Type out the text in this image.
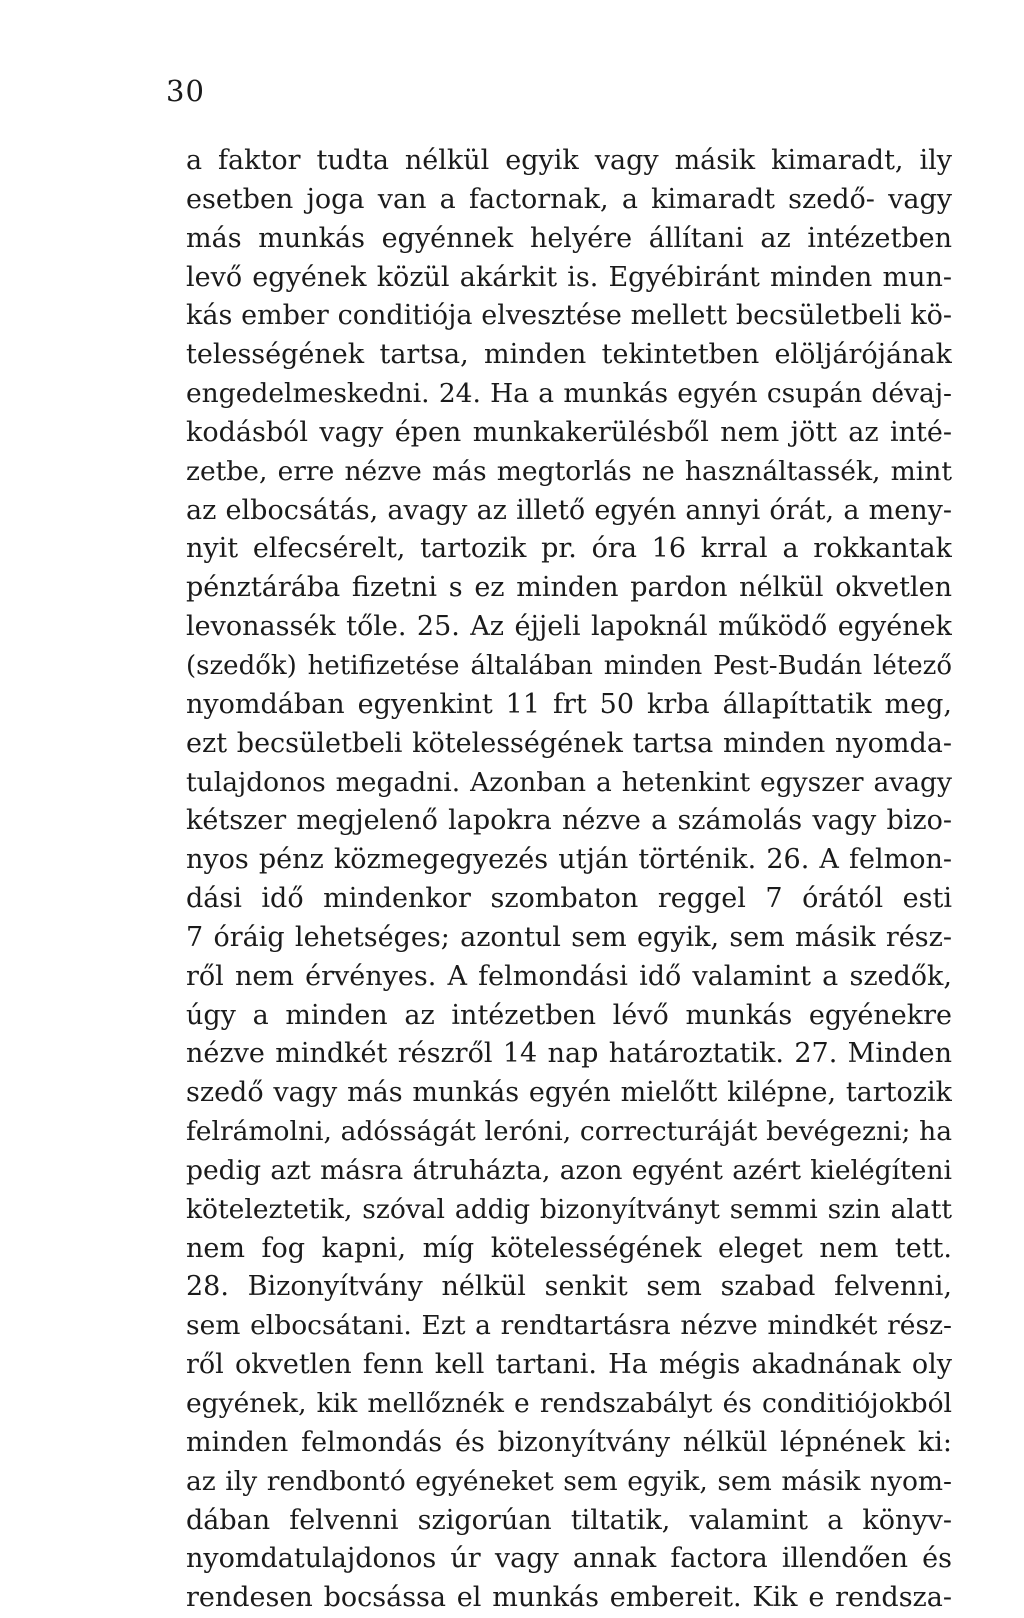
30
a faktor tudta nélkül egyik vagy másik kimaradt, ily
esetben joga van a factornak, a kimaradt szedő- vagy
más munkás egyénnek helyére állítani az intézetben
levő egyének közül akárkit is. Egyébiránt minden mun-
kás ember conditiója elvesztése mellett becsületbeli kö-
telességének tartsa, minden tekintetben elöljárójának
engedelmeskedni. 24. Ha a munkás egyén csupán dévaj-
kodásból vagy épen munkakerülésből nem jött az inté-
zetbe, erre nézve más megtorlás ne használtassék, mint
az elbocsátás, avagy az illető egyén annyi órát, a meny-
nyit elfecsérelt, tartozik pr. óra 16 krral a rokkantak
pénztárába fizetni s ez minden pardon nélkül okvetlen
levonassék tőle. 25. Az éjjeli lapoknál működő egyének
(szedők) hetifizetése általában minden Pest-Budán létező
nyomdában egyenkint 11 frt 50 krba állapíttatik meg,
ezt becsületbeli kötelességének tartsa minden nyomda-
tulajdonos megadni. Azonban a hetenkint egyszer avagy
kétszer megjelenő lapokra nézve a számolás vagy bizo-
nyos pénz közmegegyezés utján történik. 26. A felmon-
dási idő mindenkor szombaton reggel 7 órától esti
7 óráig lehetséges; azontul sem egyik, sem másik rész-
ről nem érvényes. A felmondási idő valamint a szedők,
úgy a minden az intézetben lévő munkás egyénekre
nézve mindkét részről 14 nap határoztatik. 27. Minden
szedő vagy más munkás egyén mielőtt kilépne, tartozik
felrámolni, adósságát leróni, correcturáját bevégezni; ha
pedig azt másra átruházta, azon egyént azért kielégíteni
köteleztetik, szóval addig bizonyítványt semmi szin alatt
nem fog kapni, míg kötelességének eleget nem tett.
28. Bizonyítvány nélkül senkit sem szabad felvenni,
sem elbocsátani. Ezt a rendtartásra nézve mindkét rész-
ről okvetlen fenn kell tartani. Ha mégis akadnának oly
egyének, kik mellőznék e rendszabályt és conditiójokból
minden felmondás és bizonyítvány nélkül lépnének ki:
az ily rendbontó egyéneket sem egyik, sem másik nyom-
dában felvenni szigorúan tiltatik, valamint a könyv-
nyomdatulajdonos úr vagy annak factora illendően és
rendesen bocsássa el munkás embereit. Kik e rendsza-
